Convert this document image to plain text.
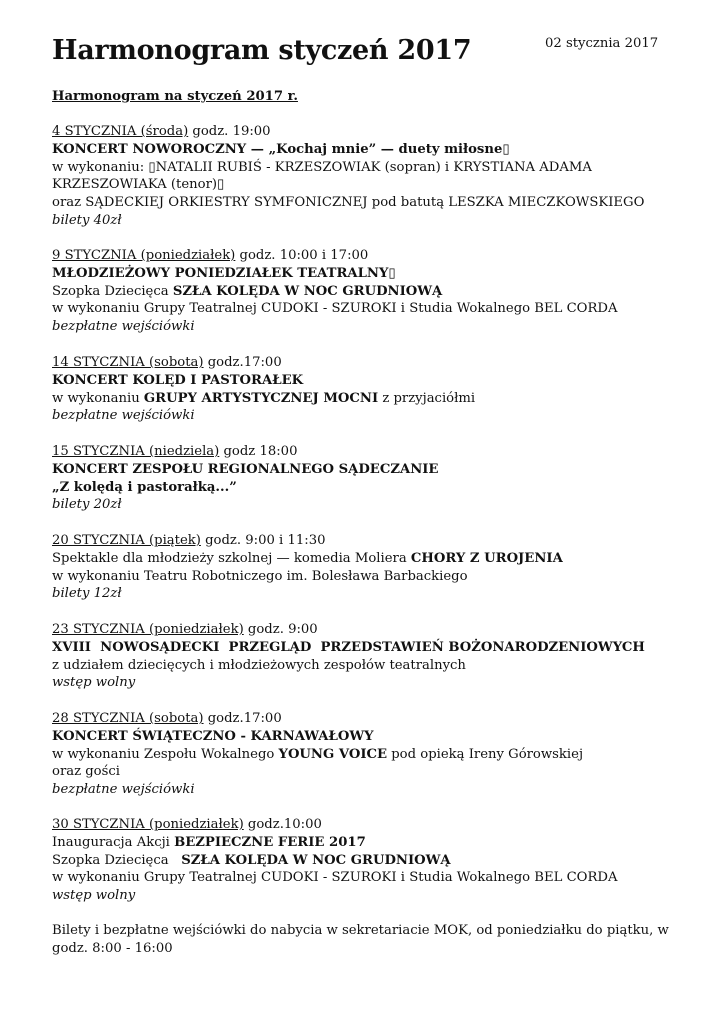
Harmonogram styczeń 2017	02 stycznia 2017
Harmonogram na styczeń 2017 r.
4 STYCZNIA (środa) godz. 19:00
KONCERT NOWOROCZNY — „Kochaj mnie” — duety miłosne▯
w wykonaniu: ▯NATALII RUBIŚ - KRZESZOWIAK (sopran) i KRYSTIANA ADAMA KRZESZOWIAKA (tenor)▯
oraz SĄDECKIEJ ORKIESTRY SYMFONICZNEJ pod batutą LESZKA MIECZKOWSKIEGO
bilety 40zł
9 STYCZNIA (poniedziałek) godz. 10:00 i 17:00
MŁODZIEŻOWY PONIEDZIAŁEK TEATRALNY▯
Szopka Dziecięca SZŁA KOLĘDA W NOC GRUDNIOWĄ
w wykonaniu Grupy Teatralnej CUDOKI - SZUROKI i Studia Wokalnego BEL CORDA
bezpłatne wejściówki
14 STYCZNIA (sobota) godz.17:00
KONCERT KOLĘD I PASTORAŁEK
w wykonaniu GRUPY ARTYSTYCZNEJ MOCNI z przyjaciółmi
bezpłatne wejściówki
15 STYCZNIA (niedziela) godz 18:00
KONCERT ZESPOŁU REGIONALNEGO SĄDECZANIE
„Z kolędą i pastorałką...”
bilety 20zł
20 STYCZNIA (piątek) godz. 9:00 i 11:30
Spektakle dla młodzieży szkolnej — komedia Moliera CHORY Z UROJENIA
w wykonaniu Teatru Robotniczego im. Bolesława Barbackiego
bilety 12zł
23 STYCZNIA (poniedziałek) godz. 9:00
XVIII  NOWOSĄDECKI  PRZEGLĄD  PRZEDSTAWIEŃ BOŻONARODZENIOWYCH
z udziałem dziecięcych i młodzieżowych zespołów teatralnych
wstęp wolny
28 STYCZNIA (sobota) godz.17:00
KONCERT ŚWIĄTECZNO - KARNAWAŁOWY
w wykonaniu Zespołu Wokalnego YOUNG VOICE pod opieką Ireny Górowskiej
oraz gości
bezpłatne wejściówki
30 STYCZNIA (poniedziałek) godz.10:00
Inauguracja Akcji BEZPIECZNE FERIE 2017
Szopka Dziecięca   SZŁA KOLĘDA W NOC GRUDNIOWĄ
w wykonaniu Grupy Teatralnej CUDOKI - SZUROKI i Studia Wokalnego BEL CORDA
wstęp wolny
Bilety i bezpłatne wejściówki do nabycia w sekretariacie MOK, od poniedziałku do piątku, w godz. 8:00 - 16:00
